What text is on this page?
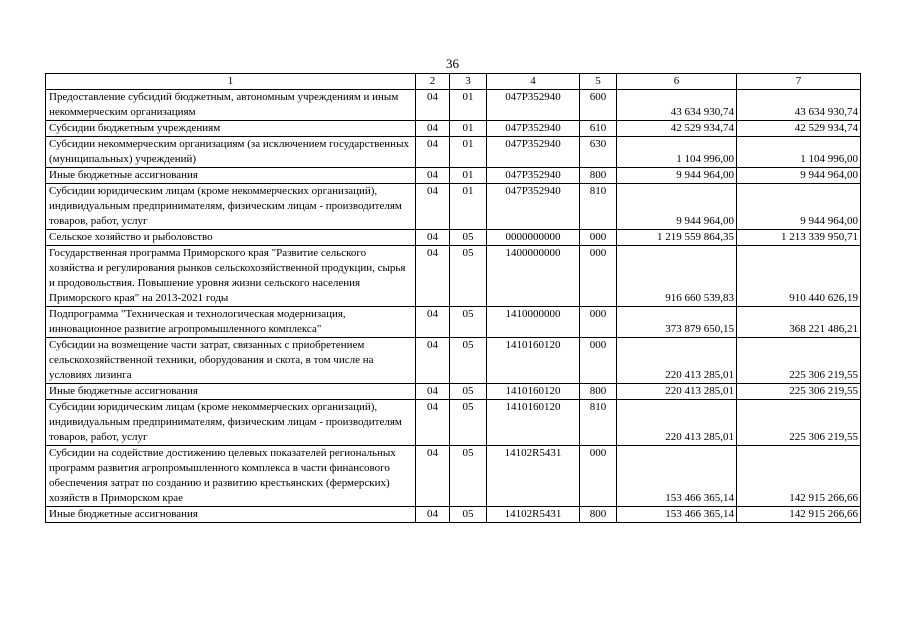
36
1	2	3	4	5	6	7
Предоставление субсидий бюджетным, автономным учреждениям и иным некоммерческим организациям	04	01	047Р352940	600	43 634 930,74	43 634 930,74
Субсидии бюджетным учреждениям	04	01	047Р352940	610	42 529 934,74	42 529 934,74
Субсидии некоммерческим организациям (за исключением государственных (муниципальных) учреждений)	04	01	047Р352940	630	1 104 996,00	1 104 996,00
Иные бюджетные ассигнования	04	01	047Р352940	800	9 944 964,00	9 944 964,00
Субсидии юридическим лицам (кроме некоммерческих организаций), индивидуальным предпринимателям, физическим лицам - производителям товаров, работ, услуг	04	01	047Р352940	810	9 944 964,00	9 944 964,00
Сельское хозяйство и рыболовство	04	05	0000000000	000	1 219 559 864,35	1 213 339 950,71
Государственная программа Приморского края "Развитие сельского хозяйства и регулирования рынков сельскохозяйственной продукции, сырья и продовольствия. Повышение уровня жизни сельского населения Приморского края" на 2013-2021 годы	04	05	1400000000	000	916 660 539,83	910 440 626,19
Подпрограмма "Техническая и технологическая модернизация, инновационное развитие агропромышленного комплекса"	04	05	1410000000	000	373 879 650,15	368 221 486,21
Субсидии на возмещение части затрат, связанных с приобретением сельскохозяйственной техники, оборудования и скота, в том числе на условиях лизинга	04	05	1410160120	000	220 413 285,01	225 306 219,55
Иные бюджетные ассигнования	04	05	1410160120	800	220 413 285,01	225 306 219,55
Субсидии юридическим лицам (кроме некоммерческих организаций), индивидуальным предпринимателям, физическим лицам - производителям товаров, работ, услуг	04	05	1410160120	810	220 413 285,01	225 306 219,55
Субсидии на содействие достижению целевых показателей региональных программ развития агропромышленного комплекса в части финансового обеспечения затрат по созданию и развитию крестьянских (фермерских) хозяйств в Приморском крае	04	05	14102R5431	000	153 466 365,14	142 915 266,66
Иные бюджетные ассигнования	04	05	14102R5431	800	153 466 365,14	142 915 266,66
